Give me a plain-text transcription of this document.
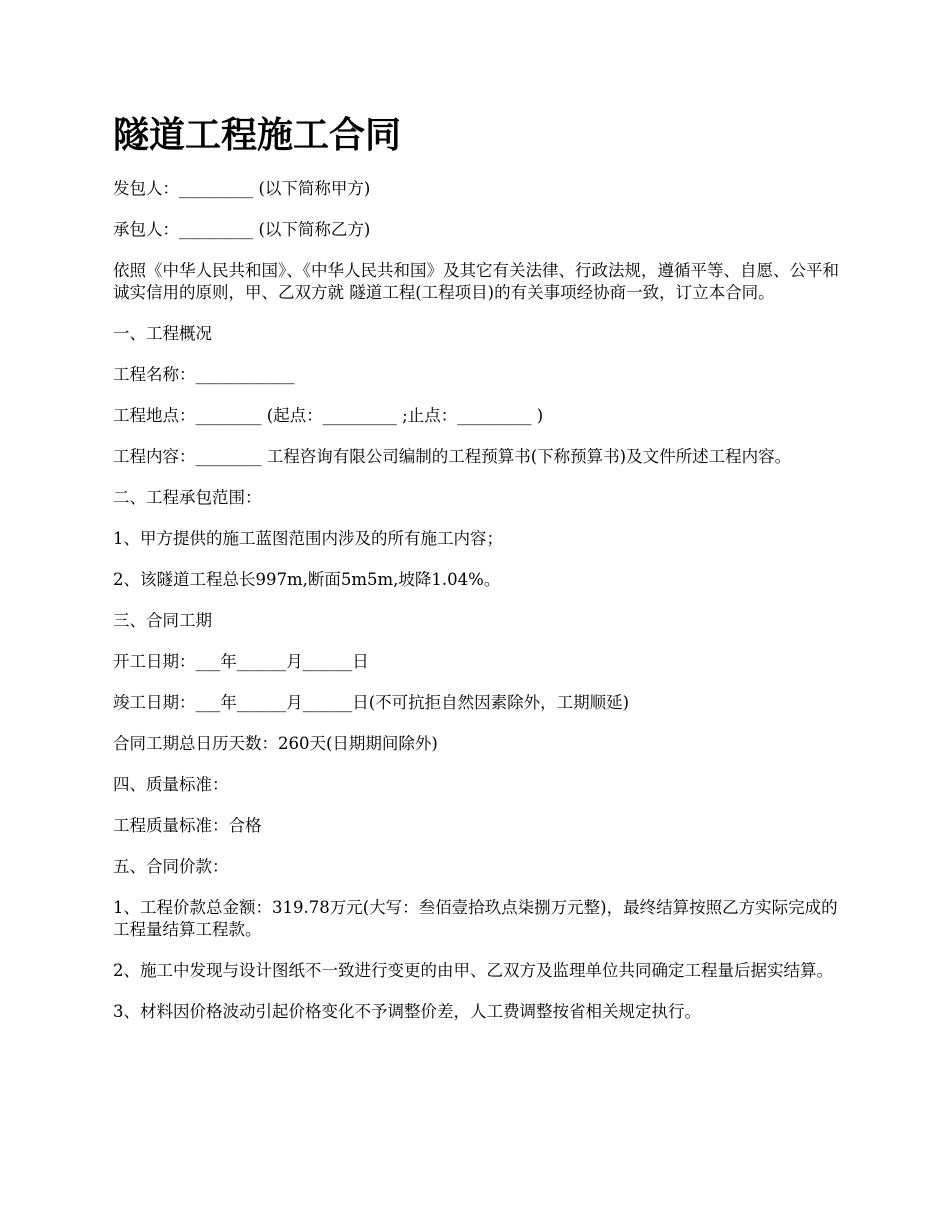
隧道工程施工合同

发包人：_________ (以下简称甲方)

承包人：_________ (以下简称乙方)

依照《中华人民共和国》、《中华人民共和国》及其它有关法律、行政法规，遵循平等、自愿、公平和诚实信用的原则，甲、乙双方就 隧道工程(工程项目)的有关事项经协商一致，订立本合同。

一、工程概况

工程名称：____________

工程地点：________ (起点：_________ ;止点：_________ )

工程内容：________ 工程咨询有限公司编制的工程预算书(下称预算书)及文件所述工程内容。

二、工程承包范围：

1、甲方提供的施工蓝图范围内涉及的所有施工内容；

2、该隧道工程总长997m,断面5m5m,坡降1.04%。

三、合同工期

开工日期：___年______月______日

竣工日期：___年______月______日(不可抗拒自然因素除外，工期顺延)

合同工期总日历天数：260天(日期期间除外)

四、质量标准：

工程质量标准：合格

五、合同价款：

1、工程价款总金额：319.78万元(大写：叁佰壹拾玖点柒捌万元整)，最终结算按照乙方实际完成的工程量结算工程款。

2、施工中发现与设计图纸不一致进行变更的由甲、乙双方及监理单位共同确定工程量后据实结算。

3、材料因价格波动引起价格变化不予调整价差，人工费调整按省相关规定执行。
